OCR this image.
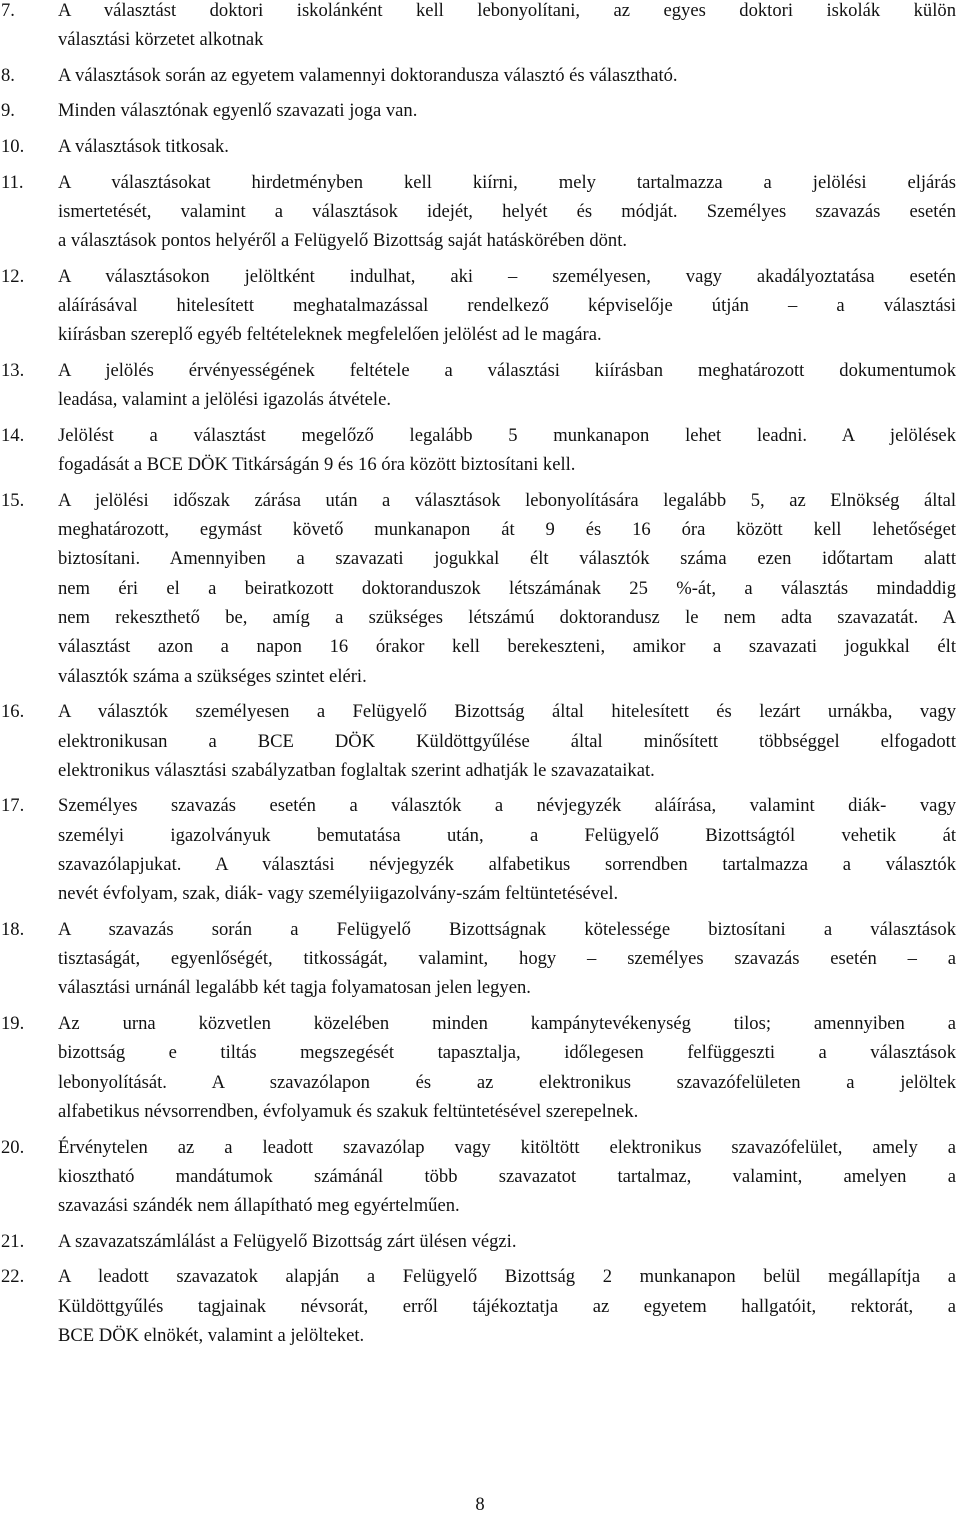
7.	A választást doktori iskolánként kell lebonyolítani, az egyes doktori iskolák külön
választási körzetet alkotnak
8.	A választások során az egyetem valamennyi doktorandusza választó és választható.
9.	Minden választónak egyenlő szavazati joga van.
10.	A választások titkosak.
11.	A választásokat hirdetményben kell kiírni, mely tartalmazza a jelölési eljárás
ismertetését, valamint a választások idejét, helyét és módját. Személyes szavazás esetén
a választások pontos helyéről a Felügyelő Bizottság saját hatáskörében dönt.
12.	A választásokon jelöltként indulhat, aki – személyesen, vagy akadályoztatása esetén
aláírásával hitelesített meghatalmazással rendelkező képviselője útján – a választási
kiírásban szereplő egyéb feltételeknek megfelelően jelölést ad le magára.
13.	A jelölés érvényességének feltétele a választási kiírásban meghatározott dokumentumok
leadása, valamint a jelölési igazolás átvétele.
14.	Jelölést a választást megelőző legalább 5 munkanapon lehet leadni. A jelölések
fogadását a BCE DÖK Titkárságán 9 és 16 óra között biztosítani kell.
15.	A jelölési időszak zárása után a választások lebonyolítására legalább 5, az Elnökség által
meghatározott, egymást követő munkanapon át 9 és 16 óra között kell lehetőséget
biztosítani. Amennyiben a szavazati jogukkal élt választók száma ezen időtartam alatt
nem éri el a beiratkozott doktoranduszok létszámának 25 %-át, a választás mindaddig
nem rekeszthető be, amíg a szükséges létszámú doktorandusz le nem adta szavazatát. A
választást azon a napon 16 órakor kell berekeszteni, amikor a szavazati jogukkal élt
választók száma a szükséges szintet eléri.
16.	A választók személyesen a Felügyelő Bizottság által hitelesített és lezárt urnákba, vagy
elektronikusan a BCE DÖK Küldöttgyűlése által minősített többséggel elfogadott
elektronikus választási szabályzatban foglaltak szerint adhatják le szavazataikat.
17.	Személyes szavazás esetén a választók a névjegyzék aláírása, valamint diák- vagy
személyi igazolványuk bemutatása után, a Felügyelő Bizottságtól vehetik át
szavazólapjukat. A választási névjegyzék alfabetikus sorrendben tartalmazza a választók
nevét évfolyam, szak, diák- vagy személyiigazolvány-szám feltüntetésével.
18.	A szavazás során a Felügyelő Bizottságnak kötelessége biztosítani a választások
tisztaságát, egyenlőségét, titkosságát, valamint, hogy – személyes szavazás esetén – a
választási urnánál legalább két tagja folyamatosan jelen legyen.
19.	Az urna közvetlen közelében minden kampánytevékenység tilos; amennyiben a
bizottság e tiltás megszegését tapasztalja, időlegesen felfüggeszti a választások
lebonyolítását. A szavazólapon és az elektronikus szavazófelületen a jelöltek
alfabetikus névsorrendben, évfolyamuk és szakuk feltüntetésével szerepelnek.
20.	Érvénytelen az a leadott szavazólap vagy kitöltött elektronikus szavazófelület, amely a
kiosztható mandátumok számánál több szavazatot tartalmaz, valamint, amelyen a
szavazási szándék nem állapítható meg egyértelműen.
21.	A szavazatszámlálást a Felügyelő Bizottság zárt ülésen végzi.
22.	A leadott szavazatok alapján a Felügyelő Bizottság 2 munkanapon belül megállapítja a
Küldöttgyűlés tagjainak névsorát, erről tájékoztatja az egyetem hallgatóit, rektorát, a
BCE DÖK elnökét, valamint a jelölteket.
8
